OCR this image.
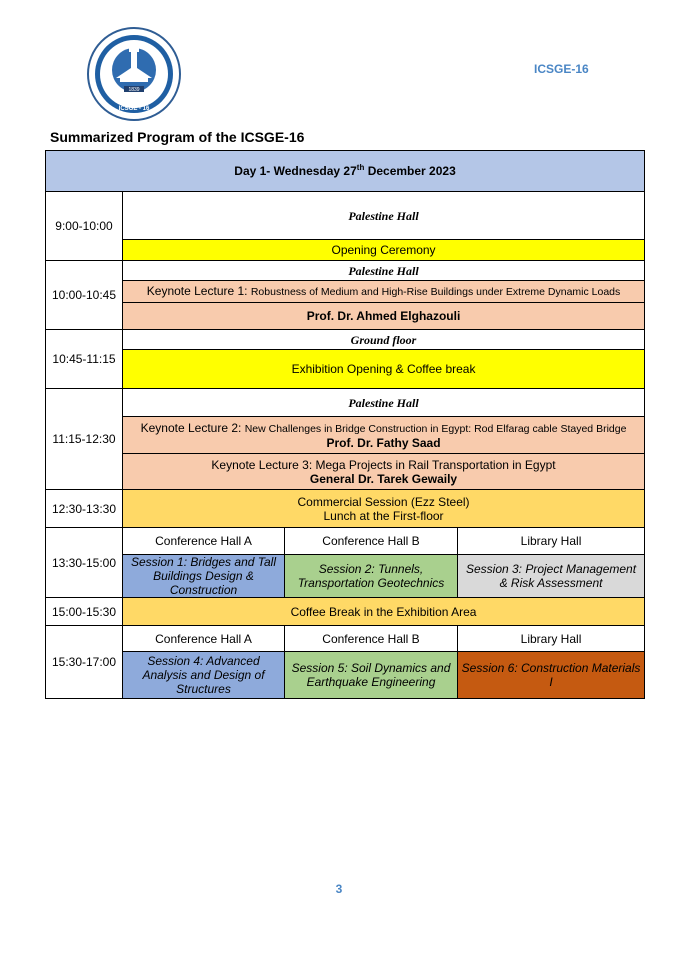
1839
ICSGE - 16
ICSGE-16
Summarized Program of the ICSGE-16
Day 1- Wednesday 27th December 2023			
9:00-10:00	Palestine Hall		
	Opening Ceremony		
10:00-10:45	Palestine Hall		
	Keynote Lecture 1: Robustness of Medium and High-Rise Buildings under Extreme Dynamic Loads		
	Prof. Dr. Ahmed Elghazouli		
10:45-11:15	Ground floor		
	Exhibition Opening & Coffee break		
11:15-12:30	Palestine Hall		

	Keynote Lecture 2: New Challenges in Bridge Construction in Egypt: Rod Elfarag cable Stayed Bridge
Prof. Dr. Fathy Saad		

	Keynote Lecture 3: Mega Projects in Rail Transportation in Egypt
General Dr. Tarek Gewaily		

12:30-13:30	Commercial Session (Ezz Steel)
Lunch at the First-floor		

13:30-15:00	Conference Hall A	Conference Hall B	Library Hall
	Session 1: Bridges and Tall Buildings Design & Construction	Session 2: Tunnels, Transportation Geotechnics	Session 3: Project Management & Risk Assessment
15:00-15:30	Coffee Break in the Exhibition Area		
15:30-17:00	Conference Hall A	Conference Hall B	Library Hall
	Session 4: Advanced Analysis and Design of Structures	Session 5: Soil Dynamics and Earthquake Engineering	Session 6: Construction Materials I
3
